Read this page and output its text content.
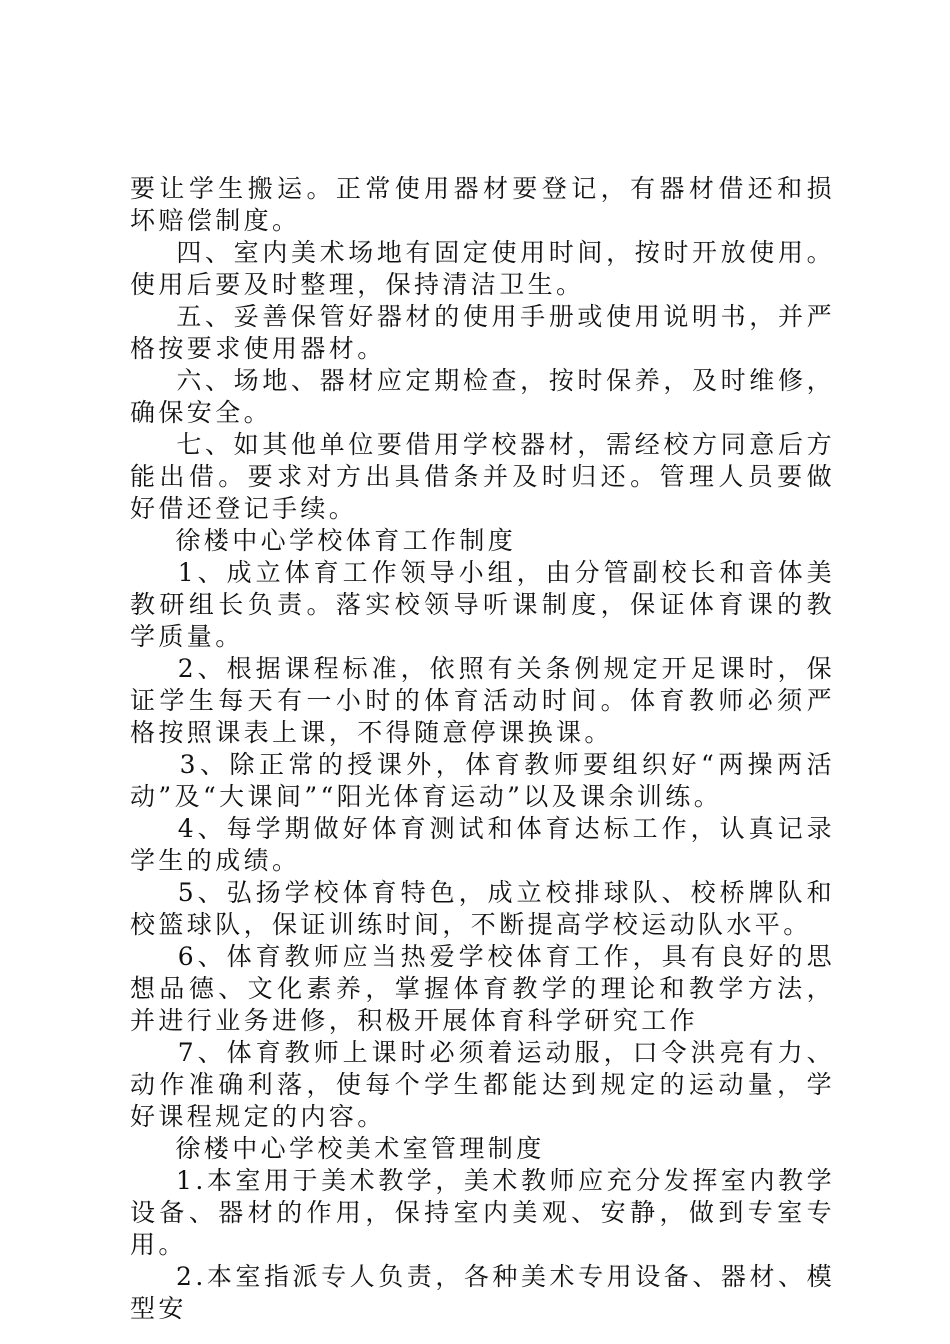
要让学生搬运。正常使用器材要登记，有器材借还和损坏赔偿制度。

四、室内美术场地有固定使用时间，按时开放使用。使用后要及时整理，保持清洁卫生。

五、妥善保管好器材的使用手册或使用说明书，并严格按要求使用器材。

六、场地、器材应定期检查，按时保养，及时维修，确保安全。

七、如其他单位要借用学校器材，需经校方同意后方能出借。要求对方出具借条并及时归还。管理人员要做好借还登记手续。

徐楼中心学校体育工作制度

1、成立体育工作领导小组，由分管副校长和音体美教研组长负责。落实校领导听课制度，保证体育课的教学质量。

2、根据课程标准，依照有关条例规定开足课时，保证学生每天有一小时的体育活动时间。体育教师必须严格按照课表上课，不得随意停课换课。

3、除正常的授课外，体育教师要组织好“两操两活动”及“大课间”“阳光体育运动”以及课余训练。

4、每学期做好体育测试和体育达标工作，认真记录学生的成绩。

5、弘扬学校体育特色，成立校排球队、校桥牌队和校篮球队，保证训练时间，不断提高学校运动队水平。

6、体育教师应当热爱学校体育工作，具有良好的思想品德、文化素养，掌握体育教学的理论和教学方法，并进行业务进修，积极开展体育科学研究工作

7、体育教师上课时必须着运动服，口令洪亮有力、动作准确利落，使每个学生都能达到规定的运动量，学好课程规定的内容。

徐楼中心学校美术室管理制度

1.本室用于美术教学，美术教师应充分发挥室内教学设备、器材的作用，保持室内美观、安静，做到专室专用。

2.本室指派专人负责，各种美术专用设备、器材、模型安
